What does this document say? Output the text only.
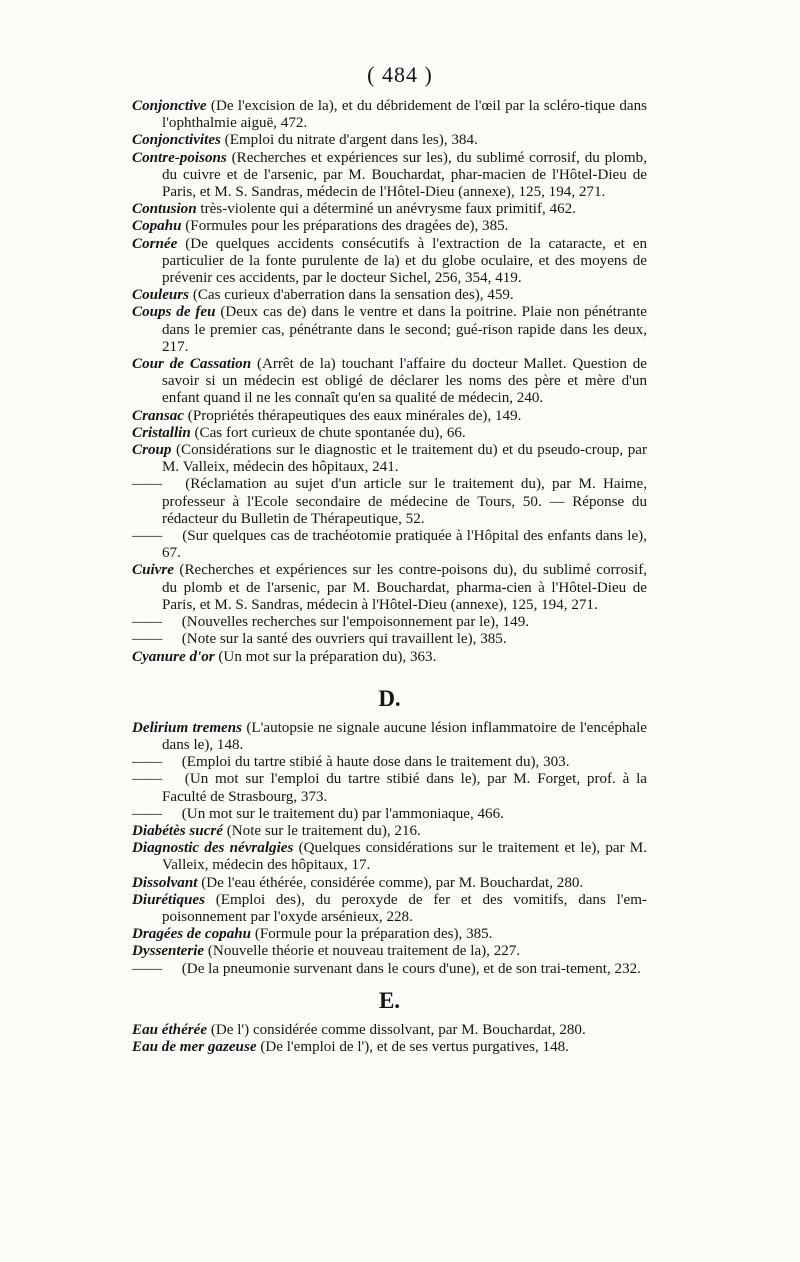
( 484 )

Conjonctive (De l'excision de la), et du débridement de l'œil par la scléro-tique dans l'ophthalmie aiguë, 472.

Conjonctivites (Emploi du nitrate d'argent dans les), 384.

Contre-poisons (Recherches et expériences sur les), du sublimé corrosif, du plomb, du cuivre et de l'arsenic, par M. Bouchardat, phar-macien de l'Hôtel-Dieu de Paris, et M. S. Sandras, médecin de l'Hôtel-Dieu (annexe), 125, 194, 271.

Contusion très-violente qui a déterminé un anévrysme faux primitif, 462.

Copahu (Formules pour les préparations des dragées de), 385.

Cornée (De quelques accidents consécutifs à l'extraction de la cataracte, et en particulier de la fonte purulente de la) et du globe oculaire, et des moyens de prévenir ces accidents, par le docteur Sichel, 256, 354, 419.

Couleurs (Cas curieux d'aberration dans la sensation des), 459.

Coups de feu (Deux cas de) dans le ventre et dans la poitrine. Plaie non pénétrante dans le premier cas, pénétrante dans le second; gué-rison rapide dans les deux, 217.

Cour de Cassation (Arrêt de la) touchant l'affaire du docteur Mallet. Question de savoir si un médecin est obligé de déclarer les noms des père et mère d'un enfant quand il ne les connaît qu'en sa qualité de médecin, 240.

Cransac (Propriétés thérapeutiques des eaux minérales de), 149.

Cristallin (Cas fort curieux de chute spontanée du), 66.

Croup (Considérations sur le diagnostic et le traitement du) et du pseudo-croup, par M. Valleix, médecin des hôpitaux, 241.

—— (Réclamation au sujet d'un article sur le traitement du), par M. Haime, professeur à l'Ecole secondaire de médecine de Tours, 50. — Réponse du rédacteur du Bulletin de Thérapeutique, 52.

—— (Sur quelques cas de trachéotomie pratiquée à l'Hôpital des enfants dans le), 67.

Cuivre (Recherches et expériences sur les contre-poisons du), du sublimé corrosif, du plomb et de l'arsenic, par M. Bouchardat, pharma-cien à l'Hôtel-Dieu de Paris, et M. S. Sandras, médecin à l'Hôtel-Dieu (annexe), 125, 194, 271.

—— (Nouvelles recherches sur l'empoisonnement par le), 149.

—— (Note sur la santé des ouvriers qui travaillent le), 385.

Cyanure d'or (Un mot sur la préparation du), 363.

D.

Delirium tremens (L'autopsie ne signale aucune lésion inflammatoire de l'encéphale dans le), 148.

—— (Emploi du tartre stibié à haute dose dans le traitement du), 303.

—— (Un mot sur l'emploi du tartre stibié dans le), par M. Forget, prof. à la Faculté de Strasbourg, 373.

—— (Un mot sur le traitement du) par l'ammoniaque, 466.

Diabétès sucré (Note sur le traitement du), 216.

Diagnostic des névralgies (Quelques considérations sur le traitement et le), par M. Valleix, médecin des hôpitaux, 17.

Dissolvant (De l'eau éthérée, considérée comme), par M. Bouchardat, 280.

Diurétiques (Emploi des), du peroxyde de fer et des vomitifs, dans l'em-poisonnement par l'oxyde arsénieux, 228.

Dragées de copahu (Formule pour la préparation des), 385.

Dyssenterie (Nouvelle théorie et nouveau traitement de la), 227.

—— (De la pneumonie survenant dans le cours d'une), et de son trai-tement, 232.

E.

Eau éthérée (De l') considérée comme dissolvant, par M. Bouchardat, 280.

Eau de mer gazeuse (De l'emploi de l'), et de ses vertus purgatives, 148.
